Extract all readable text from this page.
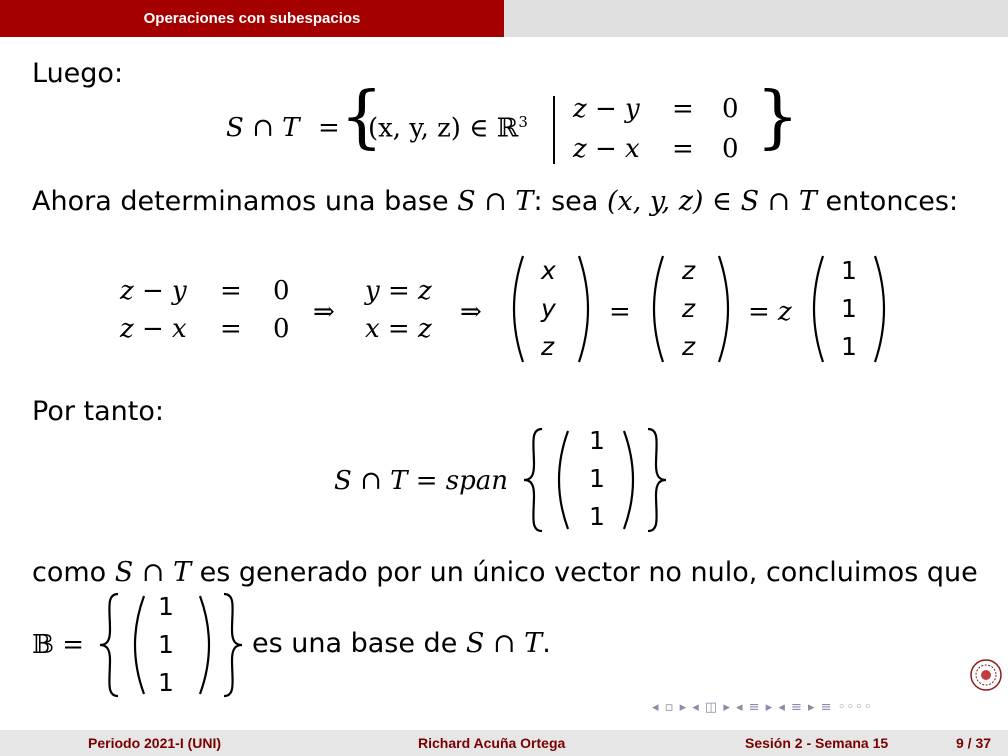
Operaciones con subespacios
Luego:
S ∩ T = {
(x, y, z) ∈ ℝ$^3$ z − y = 0
z − x = 0 }
Ahora determinamos una base S ∩ T: sea (x, y, z) ∈ S ∩ T entonces:
z − y = 0
z − x = 0
⇒
y = z
x = z
⇒
x
y
z
=
z
z
z
= z
1
1
1
Por tanto:
S ∩ T = span
1
1
1
como S ∩ T es generado por un único vector no nulo, concluimos que
𝔹 =
1
1
1
es una base de S ∩ T.
◂ ▫ ▸ ◂ ◫ ▸ ◂ ≡ ▸ ◂ ≡ ▸ ≡ ◦◦◦◦
Periodo 2021-I (UNI)	Richard Acuña Ortega	Sesión 2 - Semana 15	9 / 37
